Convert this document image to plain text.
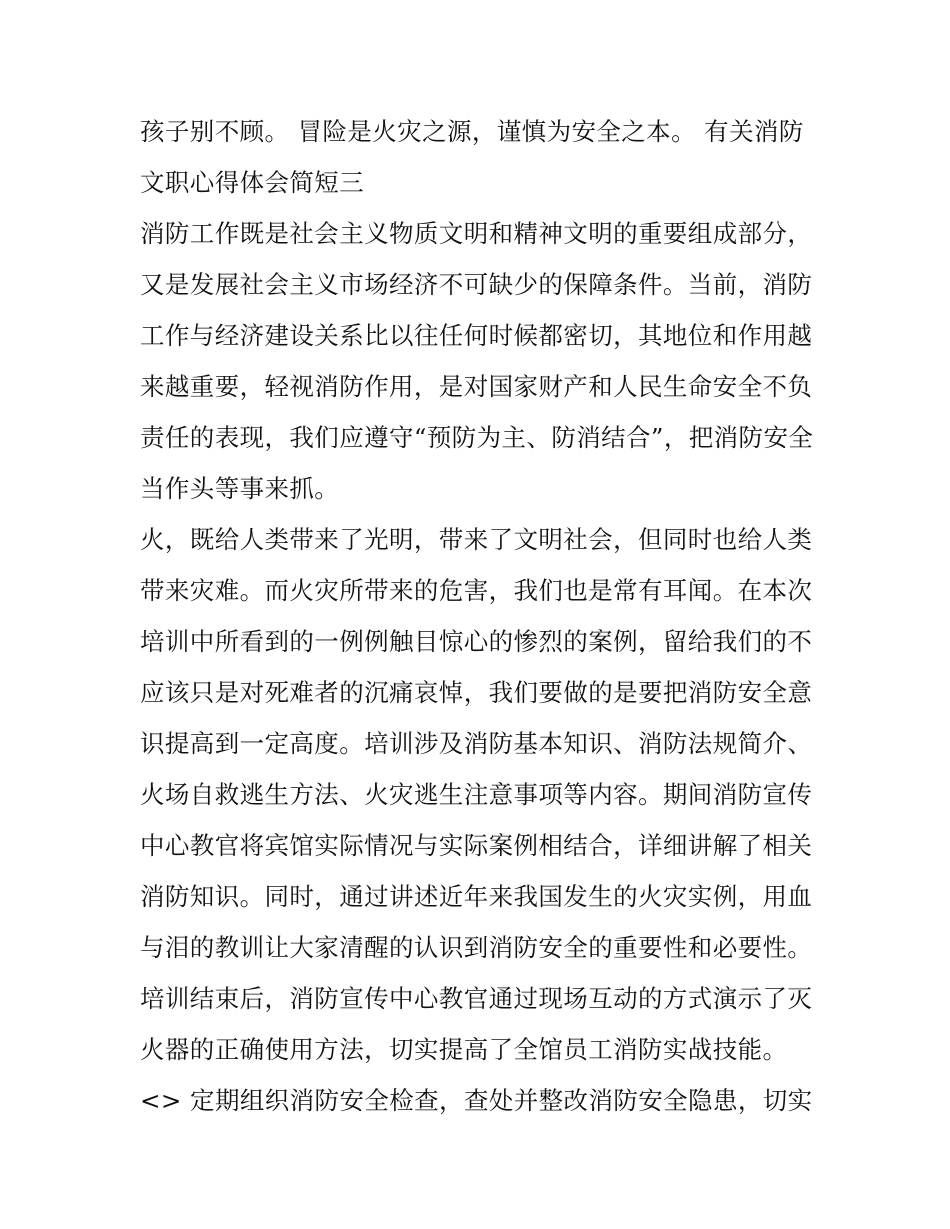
孩子别不顾。 冒险是火灾之源，谨慎为安全之本。 有关消防
文职心得体会简短三
消防工作既是社会主义物质文明和精神文明的重要组成部分，
又是发展社会主义市场经济不可缺少的保障条件。当前，消防
工作与经济建设关系比以往任何时候都密切，其地位和作用越
来越重要，轻视消防作用，是对国家财产和人民生命安全不负
责任的表现，我们应遵守“预防为主、防消结合”，把消防安全
当作头等事来抓。
火，既给人类带来了光明，带来了文明社会，但同时也给人类
带来灾难。而火灾所带来的危害，我们也是常有耳闻。在本次
培训中所看到的一例例触目惊心的惨烈的案例，留给我们的不
应该只是对死难者的沉痛哀悼，我们要做的是要把消防安全意
识提高到一定高度。培训涉及消防基本知识、消防法规简介、
火场自救逃生方法、火灾逃生注意事项等内容。期间消防宣传
中心教官将宾馆实际情况与实际案例相结合，详细讲解了相关
消防知识。同时，通过讲述近年来我国发生的火灾实例，用血
与泪的教训让大家清醒的认识到消防安全的重要性和必要性。
培训结束后，消防宣传中心教官通过现场互动的方式演示了灭
火器的正确使用方法，切实提高了全馆员工消防实战技能。
<> 定期组织消防安全检查，查处并整改消防安全隐患，切实
